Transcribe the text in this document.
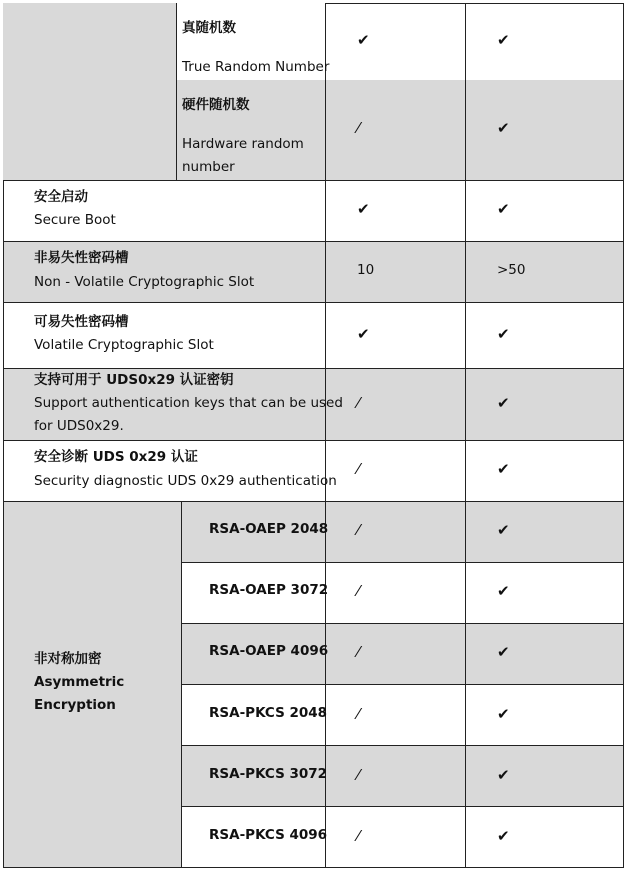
真随机数
True Random Number
✔	✔
硬件随机数
Hardware random
number
⁄	✔
安全启动
Secure Boot
✔	✔
非易失性密码槽
Non - Volatile Cryptographic Slot
10	>50
可易失性密码槽
Volatile Cryptographic Slot
✔	✔
支持可用于 UDS0x29 认证密钥
Support authentication keys that can be used
for UDS0x29.
⁄	✔
安全诊断 UDS 0x29 认证
Security diagnostic UDS 0x29 authentication
⁄	✔
非对称加密
Asymmetric
Encryption
RSA-OAEP 2048 ⁄	✔
RSA-OAEP 3072 ⁄	✔
RSA-OAEP 4096 ⁄	✔
RSA-PKCS 2048 ⁄	✔
RSA-PKCS 3072 ⁄	✔
RSA-PKCS 4096 ⁄	✔
